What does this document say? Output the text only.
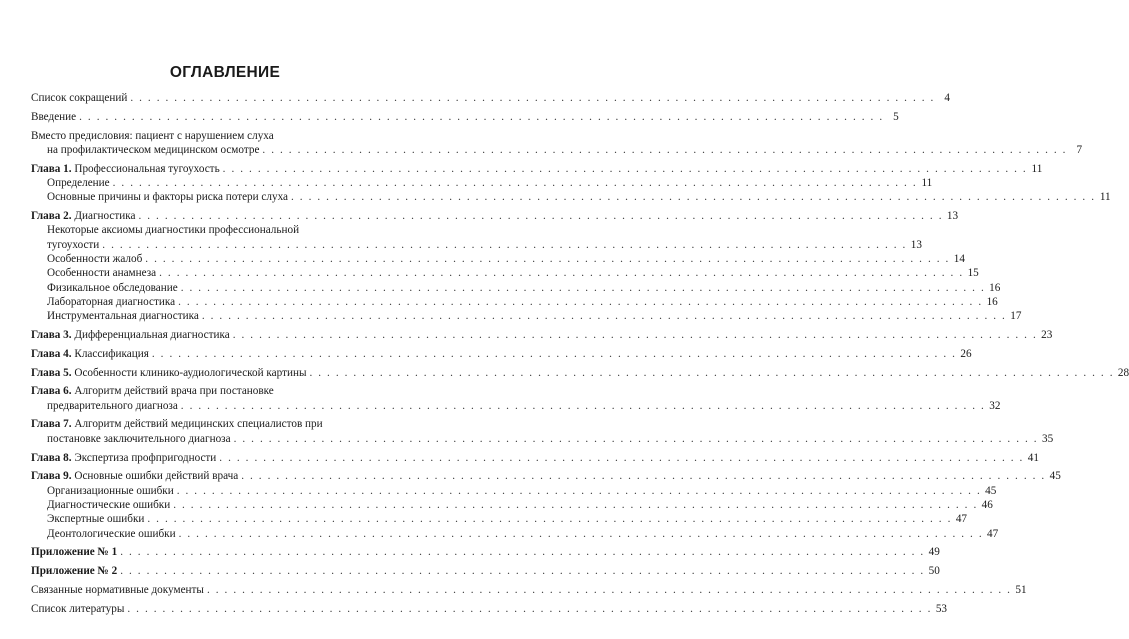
ОГЛАВЛЕНИЕ
Список сокращений . . .	4
Введение . . .	5
Вместо предисловия: пациент с нарушением слуха
на профилактическом медицинском осмотре . . .	7
Глава 1. Профессиональная тугоухость . . .	11
Определение . . .	11
Основные причины и факторы риска потери слуха . . .	11
Глава 2. Диагностика . . .	13
Некоторые аксиомы диагностики профессиональной
тугоухости . . .	13
Особенности жалоб . . .	14
Особенности анамнеза . . .	15
Физикальное обследование . . .	16
Лабораторная диагностика . . .	16
Инструментальная диагностика . . .	17
Глава 3. Дифференциальная диагностика . . .	23
Глава 4. Классификация . . .	26
Глава 5. Особенности клинико-аудиологической картины . . .	28
Глава 6. Алгоритм действий врача при постановке
предварительного диагноза . . .	32
Глава 7. Алгоритм действий медицинских специалистов при
постановке заключительного диагноза . . .	35
Глава 8. Экспертиза профпригодности . . .	41
Глава 9. Основные ошибки действий врача . . .	45
Организационные ошибки . . .	45
Диагностические ошибки . . .	46
Экспертные ошибки . . .	47
Деонтологические ошибки . . .	47
Приложение № 1 . . .	49
Приложение № 2 . . .	50
Связанные нормативные документы . . .	51
Список литературы . . .	53
